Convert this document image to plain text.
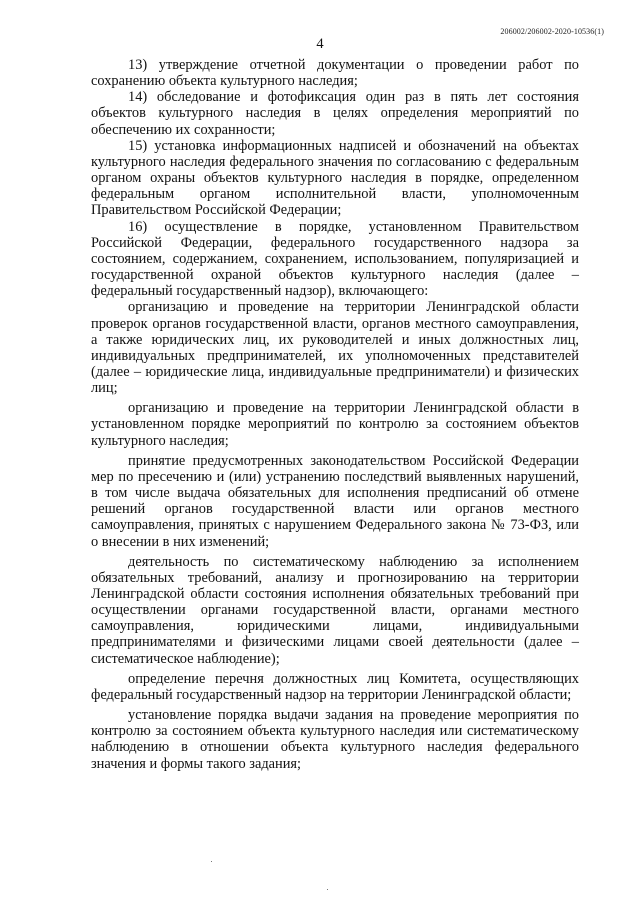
206002/206002-2020-10536(1)
4

13) утверждение отчетной документации о проведении работ по сохранению объекта культурного наследия;

14) обследование и фотофиксация один раз в пять лет состояния объектов культурного наследия в целях определения мероприятий по обеспечению их сохранности;

15) установка информационных надписей и обозначений на объектах культурного наследия федерального значения по согласованию с федеральным органом охраны объектов культурного наследия в порядке, определенном федеральным органом исполнительной власти, уполномоченным Правительством Российской Федерации;

16) осуществление в порядке, установленном Правительством Российской Федерации, федерального государственного надзора за состоянием, содержанием, сохранением, использованием, популяризацией и государственной охраной объектов культурного наследия (далее – федеральный государственный надзор), включающего:

организацию и проведение на территории Ленинградской области проверок органов государственной власти, органов местного самоуправления, а также юридических лиц, их руководителей и иных должностных лиц, индивидуальных предпринимателей, их уполномоченных представителей (далее – юридические лица, индивидуальные предприниматели) и физических лиц;

организацию и проведение на территории Ленинградской области в установленном порядке мероприятий по контролю за состоянием объектов культурного наследия;

принятие предусмотренных законодательством Российской Федерации мер по пресечению и (или) устранению последствий выявленных нарушений, в том числе выдача обязательных для исполнения предписаний об отмене решений органов государственной власти или органов местного самоуправления, принятых с нарушением Федерального закона № 73-ФЗ, или о внесении в них изменений;

деятельность по систематическому наблюдению за исполнением обязательных требований, анализу и прогнозированию на территории Ленинградской области состояния исполнения обязательных требований при осуществлении органами государственной власти, органами местного самоуправления, юридическими лицами, индивидуальными предпринимателями и физическими лицами своей деятельности (далее – систематическое наблюдение);

определение перечня должностных лиц Комитета, осуществляющих федеральный государственный надзор на территории Ленинградской области;

установление порядка выдачи задания на проведение мероприятия по контролю за состоянием объекта культурного наследия или систематическому наблюдению в отношении объекта культурного наследия федерального значения и формы такого задания;
